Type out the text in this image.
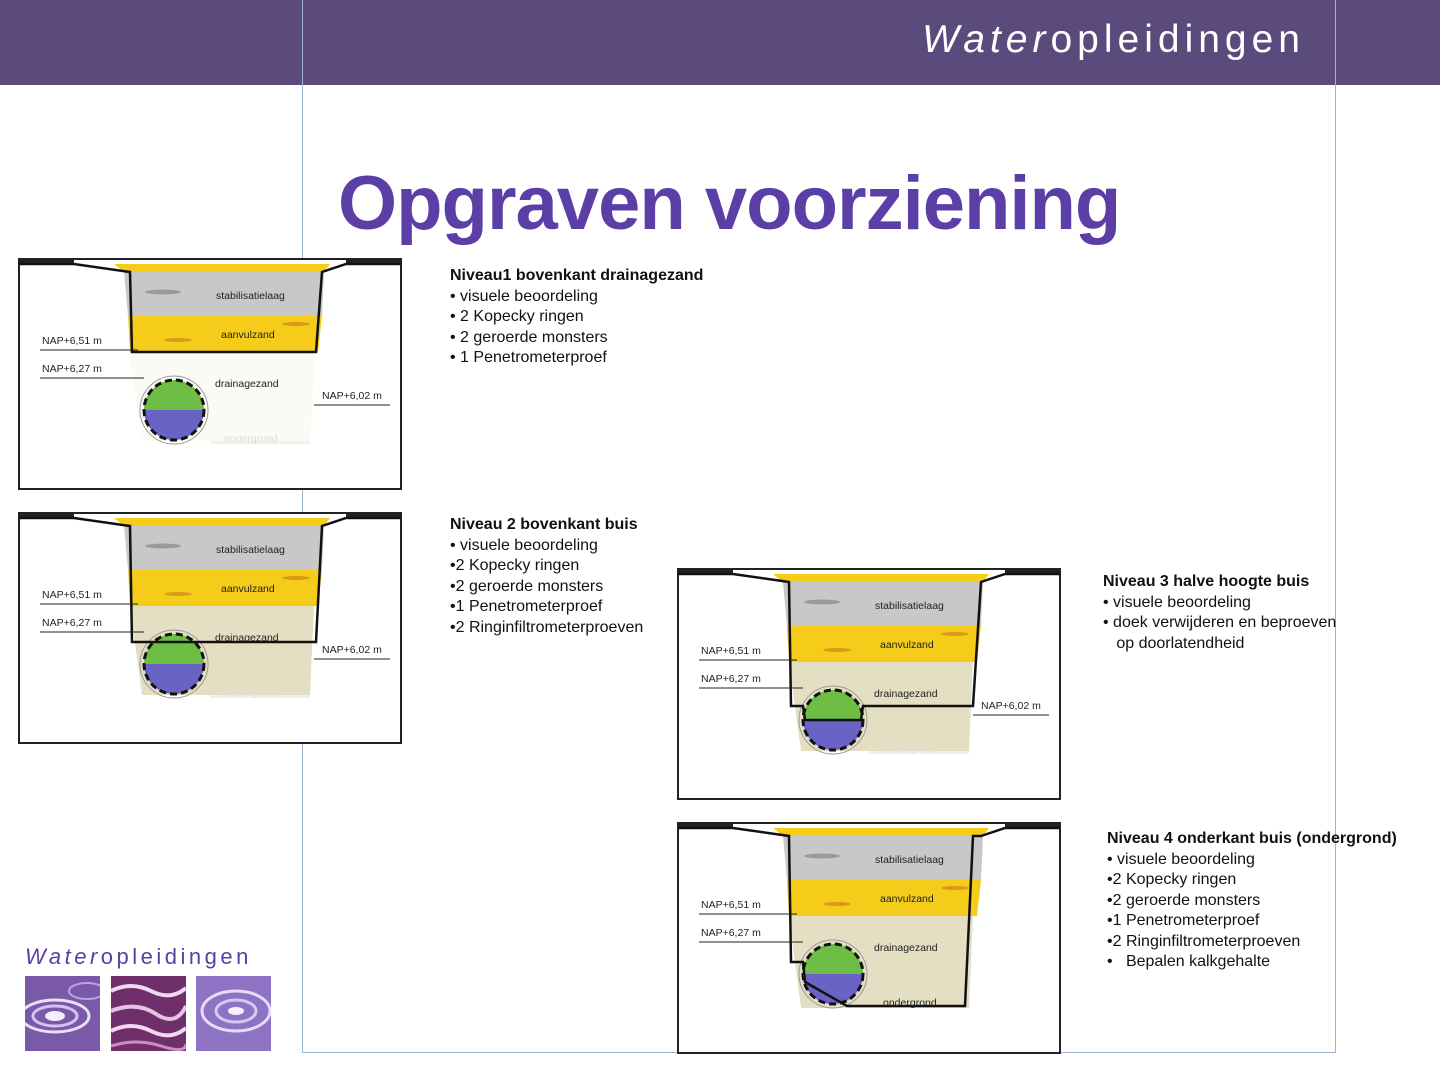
Wateropleidingen
Opgraven voorziening
stabilisatielaag
aanvulzand
drainagezand
ondergrond
NAP+6,51 m
NAP+6,27 m
NAP+6,02 m
stabilisatielaag
aanvulzand
drainagezand
ondergrond
NAP+6,51 m
NAP+6,27 m
NAP+6,02 m
stabilisatielaag
aanvulzand
drainagezand
ondergrond
NAP+6,51 m
NAP+6,27 m
NAP+6,02 m
stabilisatielaag
aanvulzand
drainagezand
ondergrond
NAP+6,51 m
NAP+6,27 m
Niveau1 bovenkant drainagezand
• visuele beoordeling
• 2 Kopecky ringen
• 2 geroerde monsters
• 1 Penetrometerproef
Niveau 2 bovenkant buis
• visuele beoordeling
•2 Kopecky ringen
•2 geroerde monsters
•1 Penetrometerproef
•2 Ringinfiltrometerproeven
Niveau 3 halve hoogte buis
• visuele beoordeling
• doek verwijderen en beproeven
op doorlatendheid
Niveau 4 onderkant buis (ondergrond)
• visuele beoordeling
•2 Kopecky ringen
•2 geroerde monsters
•1 Penetrometerproef
•2 Ringinfiltrometerproeven
•   Bepalen kalkgehalte
Wateropleidingen
